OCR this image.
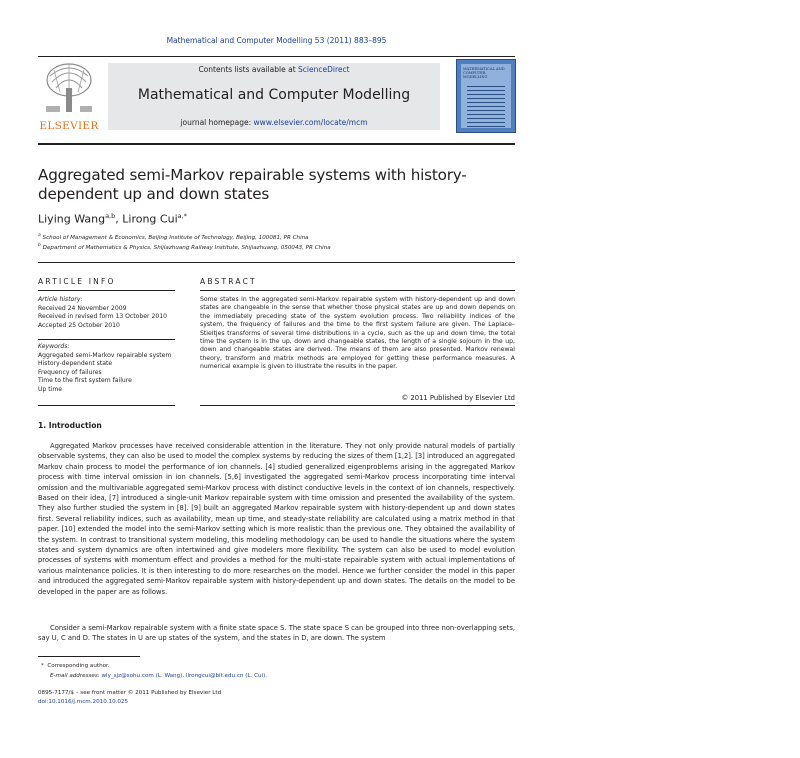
Mathematical and Computer Modelling 53 (2011) 883–895
ELSEVIER
Contents lists available at ScienceDirect
Mathematical and Computer Modelling
journal homepage: www.elsevier.com/locate/mcm
MATHEMATICAL AND COMPUTER MODELLING
Aggregated semi-Markov repairable systems with history-dependent up and down states
Liying Wang$^{a,b}$, Lirong Cui$^{a,*}$
$^a$ School of Management & Economics, Beijing Institute of Technology, Beijing, 100081, PR China
$^b$ Department of Mathematics & Physics, Shijiazhuang Railway Institute, Shijiazhuang, 050043, PR China
ARTICLE INFO
Article history:
Received 24 November 2009
Received in revised form 13 October 2010
Accepted 25 October 2010
Keywords:
Aggregated semi-Markov repairable system
History-dependent state
Frequency of failures
Time to the first system failure
Up time
ABSTRACT
Some states in the aggregated semi-Markov repairable system with history-dependent up and down states are changeable in the sense that whether those physical states are up and down depends on the immediately preceding state of the system evolution process. Two reliability indices of the system, the frequency of failures and the time to the first system failure are given. The Laplace–Stieltjes transforms of several time distributions in a cycle, such as the up and down time, the total time the system is in the up, down and changeable states, the length of a single sojourn in the up, down and changeable states are derived. The means of them are also presented. Markov renewal theory, transform and matrix methods are employed for getting these performance measures. A numerical example is given to illustrate the results in the paper.
© 2011 Published by Elsevier Ltd
1. Introduction
Aggregated Markov processes have received considerable attention in the literature. They not only provide natural models of partially observable systems, they can also be used to model the complex systems by reducing the sizes of them [1,2]. [3] introduced an aggregated Markov chain process to model the performance of ion channels. [4] studied generalized eigenproblems arising in the aggregated Markov process with time interval omission in ion channels. [5,6] investigated the aggregated semi-Markov process incorporating time interval omission and the multivariable aggregated semi-Markov process with distinct conductive levels in the context of ion channels, respectively. Based on their idea, [7] introduced a single-unit Markov repairable system with time omission and presented the availability of the system. They also further studied the system in [8]. [9] built an aggregated Markov repairable system with history-dependent up and down states first. Several reliability indices, such as availability, mean up time, and steady-state reliability are calculated using a matrix method in that paper. [10] extended the model into the semi-Markov setting which is more realistic than the previous one. They obtained the availability of the system. In contrast to transitional system modeling, this modeling methodology can be used to handle the situations where the system states and system dynamics are often intertwined and give modelers more flexibility. The system can also be used to model evolution processes of systems with momentum effect and provides a method for the multi-state repairable system with actual implementations of various maintenance policies. It is then interesting to do more researches on the model. Hence we further consider the model in this paper and introduced the aggregated semi-Markov repairable system with history-dependent up and down states. The details on the model to be developed in the paper are as follows.
Consider a semi-Markov repairable system with a finite state space S. The state space S can be grouped into three non-overlapping sets, say U, C and D. The states in U are up states of the system, and the states in D, are down. The system
* Corresponding author.
E-mail addresses: wly_sjz@sohu.com (L. Wang), lirongcui@bit.edu.cn (L. Cui).
0895-7177/$ – see front matter © 2011 Published by Elsevier Ltd
doi:10.1016/j.mcm.2010.10.025
